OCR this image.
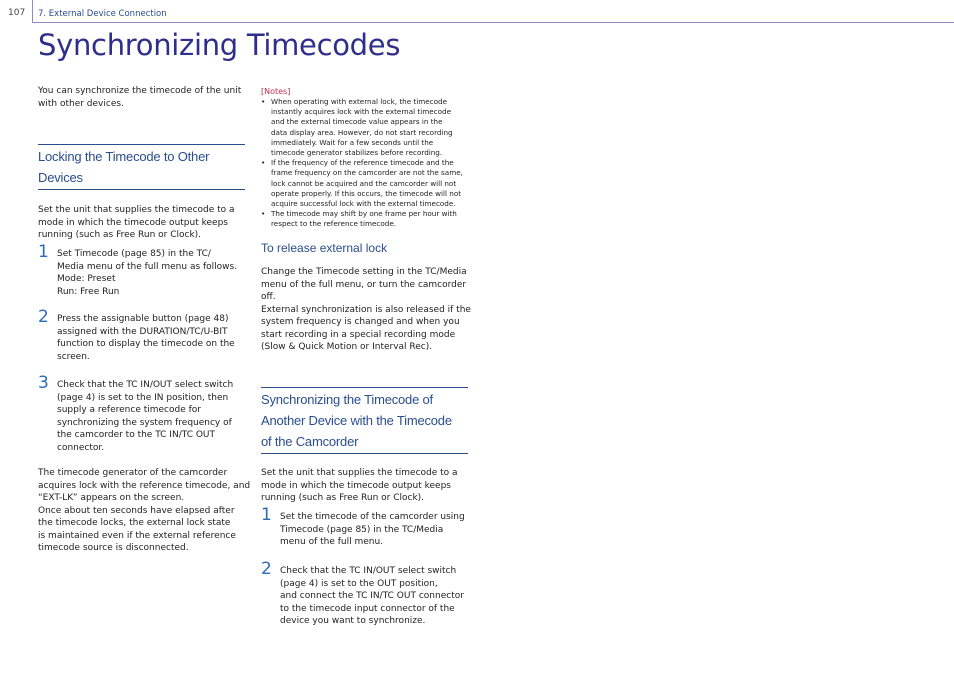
107 7. External Device Connection
Synchronizing Timecodes

You can synchronize the timecode of the unit
with other devices.

Locking the Timecode to Other
Devices

Set the unit that supplies the timecode to a
mode in which the timecode output keeps
running (such as Free Run or Clock).

1 Set Timecode (page 85) in the TC/
Media menu of the full menu as follows.
Mode: Preset
Run: Free Run
2 Press the assignable button (page 48)
assigned with the DURATION/TC/U-BIT
function to display the timecode on the
screen.
3 Check that the TC IN/OUT select switch
(page 4) is set to the IN position, then
supply a reference timecode for
synchronizing the system frequency of
the camcorder to the TC IN/TC OUT
connector.

The timecode generator of the camcorder
acquires lock with the reference timecode, and
“EXT-LK” appears on the screen.
Once about ten seconds have elapsed after
the timecode locks, the external lock state
is maintained even if the external reference
timecode source is disconnected.

[Notes]
• When operating with external lock, the timecode
instantly acquires lock with the external timecode
and the external timecode value appears in the
data display area. However, do not start recording
immediately. Wait for a few seconds until the
timecode generator stabilizes before recording.
• If the frequency of the reference timecode and the
frame frequency on the camcorder are not the same,
lock cannot be acquired and the camcorder will not
operate properly. If this occurs, the timecode will not
acquire successful lock with the external timecode.
• The timecode may shift by one frame per hour with
respect to the reference timecode.
To release external lock

Change the Timecode setting in the TC/Media
menu of the full menu, or turn the camcorder
off.
External synchronization is also released if the
system frequency is changed and when you
start recording in a special recording mode
(Slow & Quick Motion or Interval Rec).

Synchronizing the Timecode of
Another Device with the Timecode
of the Camcorder

Set the unit that supplies the timecode to a
mode in which the timecode output keeps
running (such as Free Run or Clock).

1 Set the timecode of the camcorder using
Timecode (page 85) in the TC/Media
menu of the full menu.
2 Check that the TC IN/OUT select switch
(page 4) is set to the OUT position,
and connect the TC IN/TC OUT connector
to the timecode input connector of the
device you want to synchronize.
